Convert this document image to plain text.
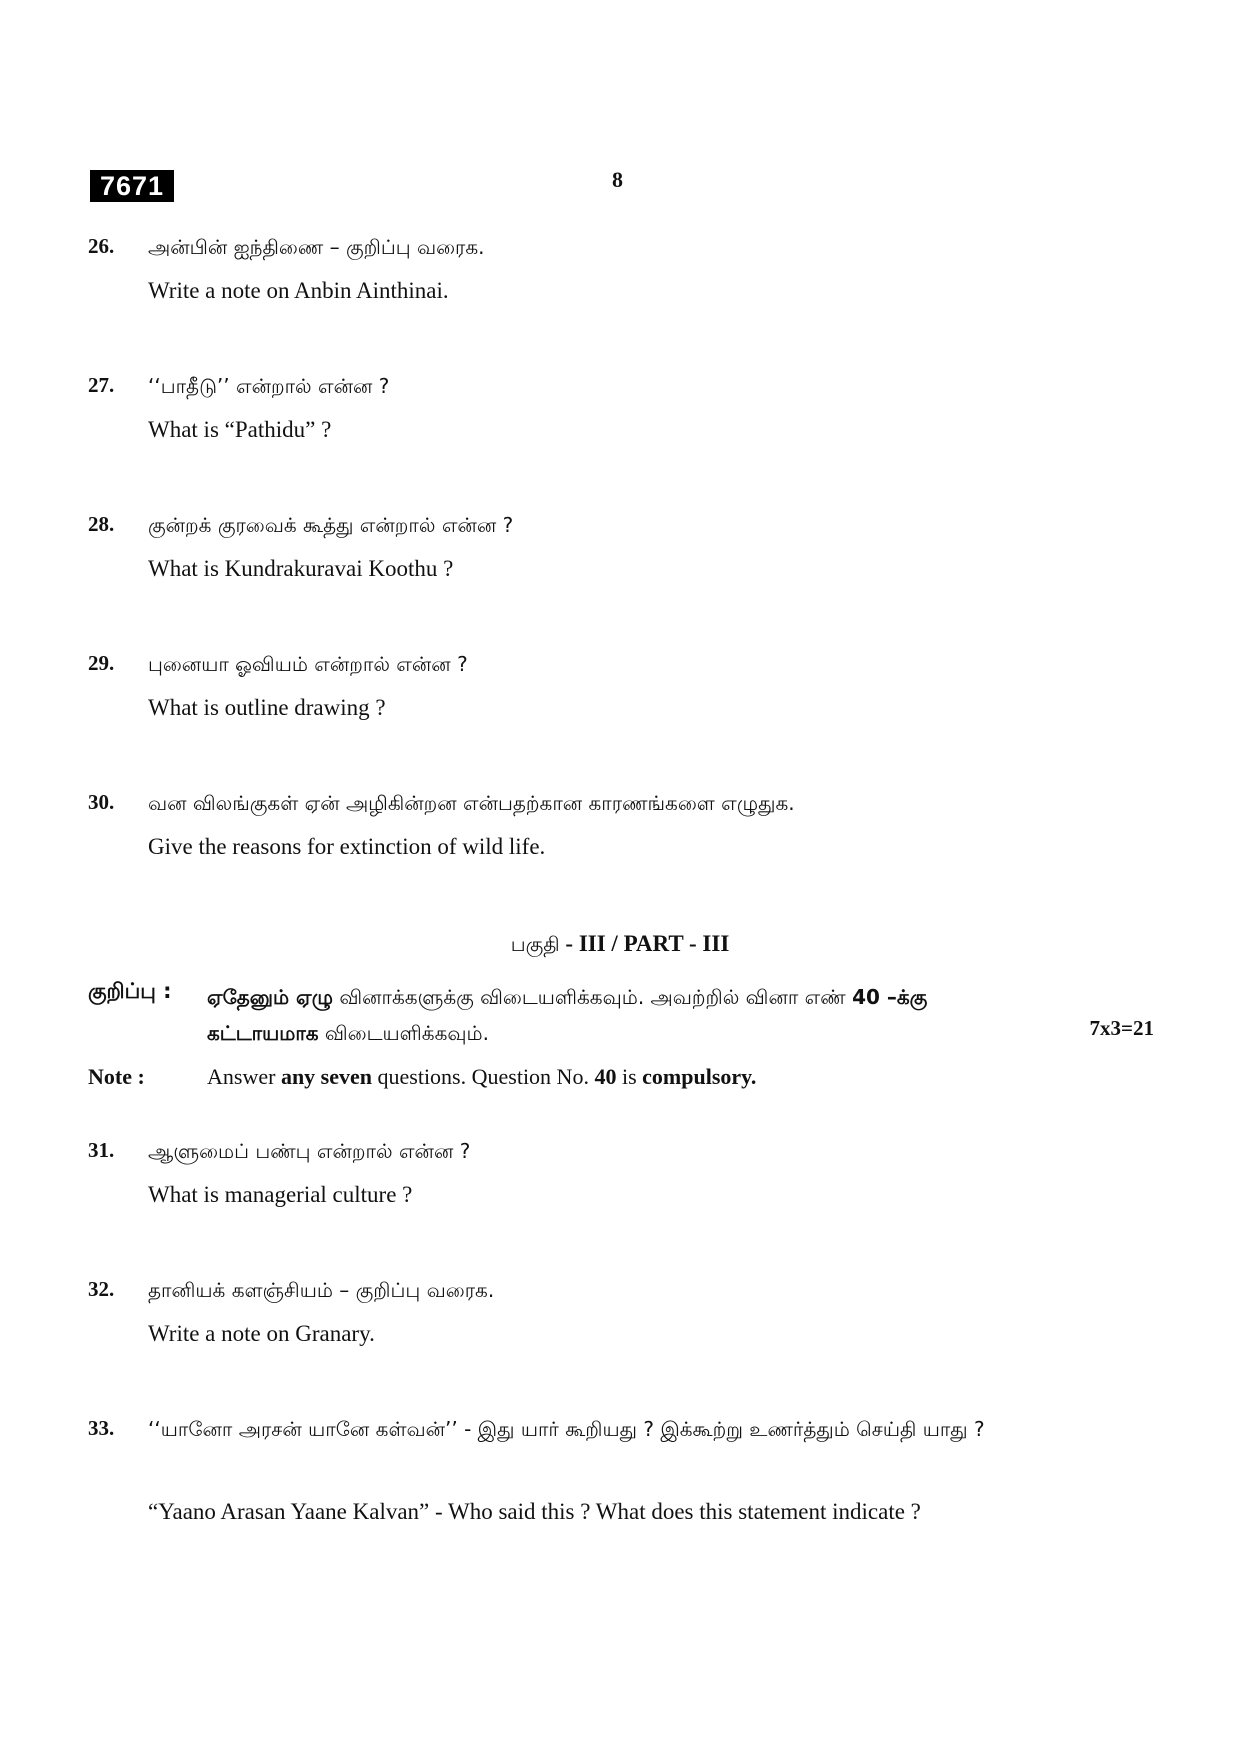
7671	8
26. அன்பின் ஐந்திணை – குறிப்பு வரைக.
Write a note on Anbin Ainthinai.
27. ‘‘பாதீடு’’ என்றால் என்ன ?
What is “Pathidu” ?
28. குன்றக் குரவைக் கூத்து என்றால் என்ன ?
What is Kundrakuravai Koothu ?
29. புனையா ஓவியம் என்றால் என்ன ?
What is outline drawing ?
30. வன விலங்குகள் ஏன் அழிகின்றன என்பதற்கான காரணங்களை எழுதுக.
Give the reasons for extinction of wild life.
பகுதி - III / PART - III
குறிப்பு : ஏதேனும் ஏழு வினாக்களுக்கு விடையளிக்கவும். அவற்றில் வினா எண் 40 –க்கு
கட்டாயமாக விடையளிக்கவும்.	7x3=21
Note :	Answer any seven questions. Question No. 40 is compulsory.
31. ஆளுமைப் பண்பு என்றால் என்ன ?
What is managerial culture ?
32. தானியக் களஞ்சியம் – குறிப்பு வரைக.
Write a note on Granary.
33. ‘‘யானோ அரசன் யானே கள்வன்’’ - இது யார் கூறியது ? இக்கூற்று உணர்த்தும் செய்தி யாது ?
“Yaano Arasan Yaane Kalvan” - Who said this ? What does this statement indicate ?
